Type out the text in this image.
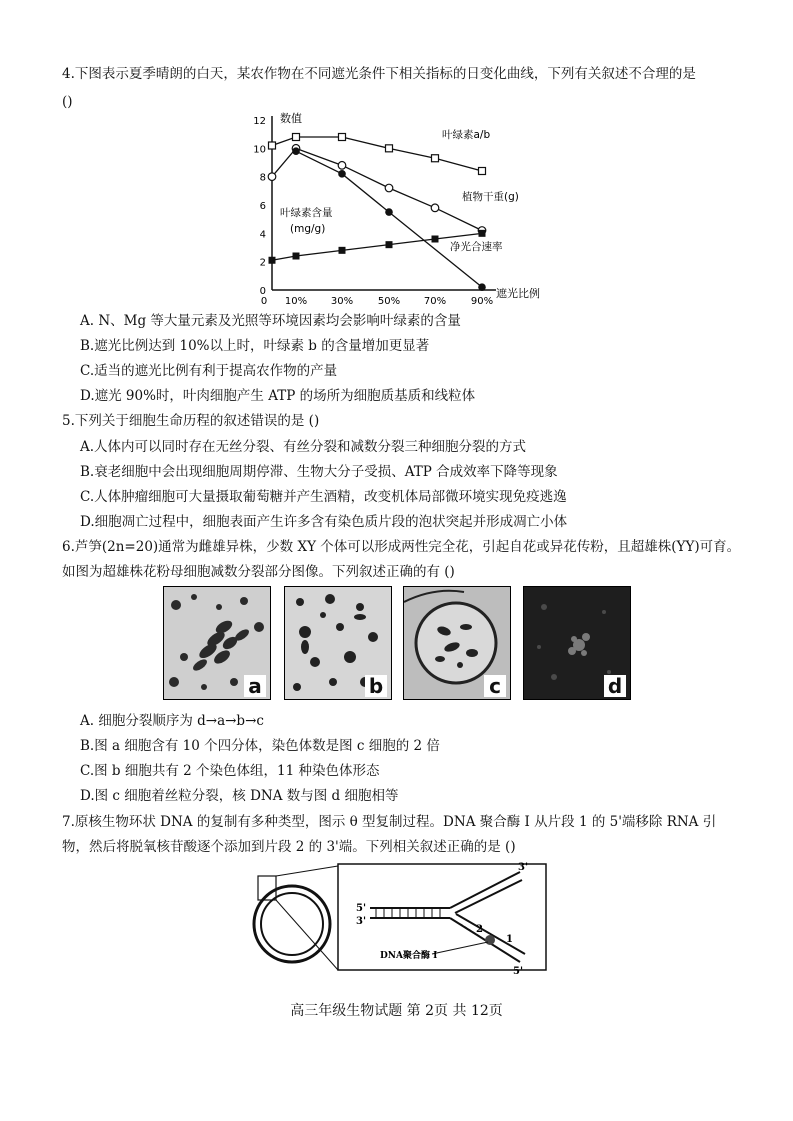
4.下图表示夏季晴朗的白天，某农作物在不同遮光条件下相关指标的日变化曲线，下列有关叙述不合理的是
()
数值
遮光比例
0
2
4
6
8
10
12
0 10% 30% 50% 70% 90%
叶绿素a/b
植物干重(g)
净光合速率
叶绿素含量
(mg/g)
A. N、Mg 等大量元素及光照等环境因素均会影响叶绿素的含量
B.遮光比例达到 10%以上时，叶绿素 b 的含量增加更显著
C.适当的遮光比例有利于提高农作物的产量
D.遮光 90%时，叶肉细胞产生 ATP 的场所为细胞质基质和线粒体
5.下列关于细胞生命历程的叙述错误的是 ()
A.人体内可以同时存在无丝分裂、有丝分裂和减数分裂三种细胞分裂的方式
B.衰老细胞中会出现细胞周期停滞、生物大分子受损、ATP 合成效率下降等现象
C.人体肿瘤细胞可大量摄取葡萄糖并产生酒精，改变机体局部微环境实现免疫逃逸
D.细胞凋亡过程中，细胞表面产生许多含有染色质片段的泡状突起并形成凋亡小体
6.芦笋(2n=20)通常为雌雄异株，少数 XY 个体可以形成两性完全花，引起自花或异花传粉，且超雄株(YY)可育。
如图为超雄株花粉母细胞减数分裂部分图像。下列叙述正确的有 ()
a	b	c	d
A. 细胞分裂顺序为 d→a→b→c
B.图 a 细胞含有 10 个四分体，染色体数是图 c 细胞的 2 倍
C.图 b 细胞共有 2 个染色体组，11 种染色体形态
D.图 c 细胞着丝粒分裂，核 DNA 数与图 d 细胞相等
7.原核生物环状 DNA 的复制有多种类型，图示 θ 型复制过程。DNA 聚合酶 I 从片段 1 的 5'端移除 RNA 引
物，然后将脱氧核苷酸逐个添加到片段 2 的 3'端。下列相关叙述正确的是 ()
3'
5'
3'
5'
2
1
DNA聚合酶 I
高三年级生物试题 第 2页 共 12页
